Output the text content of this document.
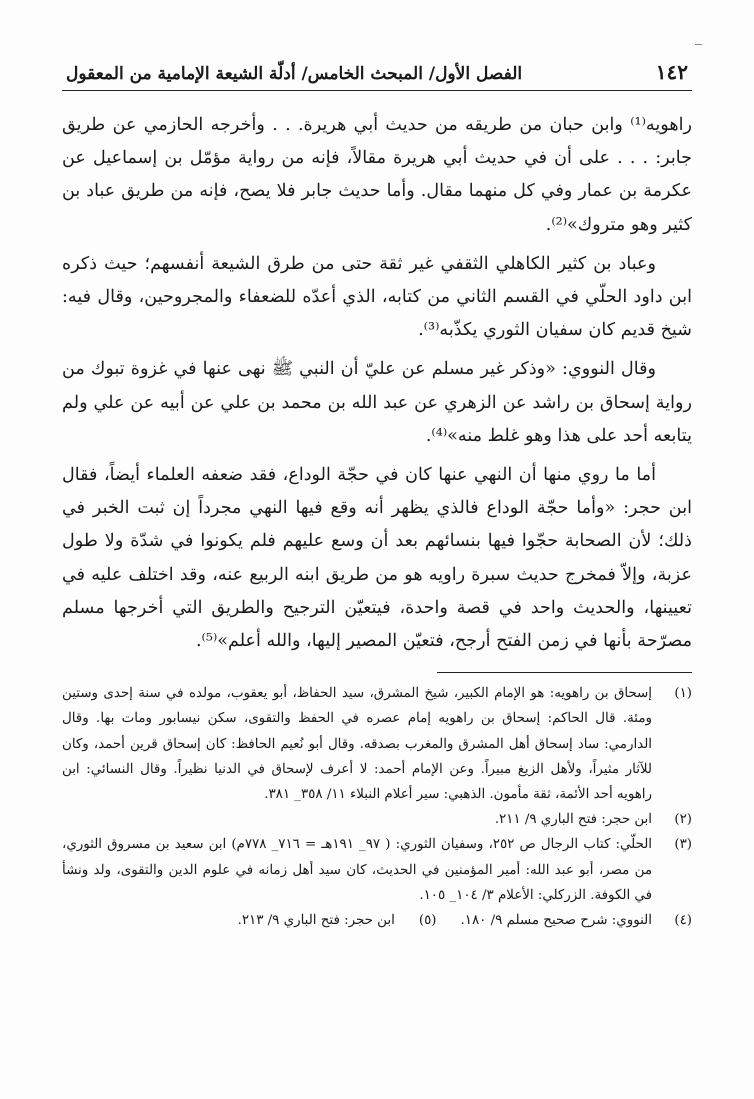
١٤٢
الفصل الأول/ المبحث الخامس/ أدلّة الشيعة الإمامية من المعقول

راهويه⁽¹⁾ وابن حبان من طريقه من حديث أبي هريرة. . . وأخرجه الحازمي عن طريق جابر: . . . على أن في حديث أبي هريرة مقالاً، فإنه من رواية مؤمّل بن إسماعيل عن عكرمة بن عمار وفي كل منهما مقال. وأما حديث جابر فلا يصح، فإنه من طريق عباد بن كثير وهو متروك»⁽²⁾.

وعباد بن كثير الكاهلي الثقفي غير ثقة حتى من طرق الشيعة أنفسهم؛ حيث ذكره ابن داود الحلّي في القسم الثاني من كتابه، الذي أعدّه للضعفاء والمجروحين، وقال فيه: شيخ قديم كان سفيان الثوري يكذّبه⁽³⁾.

وقال النووي: «وذكر غير مسلم عن عليّ أن النبي ﷺ نهى عنها في غزوة تبوك من رواية إسحاق بن راشد عن الزهري عن عبد الله بن محمد بن علي عن أبيه عن علي ولم يتابعه أحد على هذا وهو غلط منه»⁽⁴⁾.

أما ما روي منها أن النهي عنها كان في حجّة الوداع، فقد ضعفه العلماء أيضاً، فقال ابن حجر: «وأما حجّة الوداع فالذي يظهر أنه وقع فيها النهي مجرداً إن ثبت الخبر في ذلك؛ لأن الصحابة حجّوا فيها بنسائهم بعد أن وسع عليهم فلم يكونوا في شدّة ولا طول عزبة، وإلاّ فمخرج حديث سبرة راويه هو من طريق ابنه الربيع عنه، وقد اختلف عليه في تعيينها، والحديث واحد في قصة واحدة، فيتعيّن الترجيح والطريق التي أخرجها مسلم مصرّحة بأنها في زمن الفتح أرجح، فتعيّن المصير إليها، والله أعلم»⁽⁵⁾.

(١)
إسحاق بن راهويه: هو الإمام الكبير، شيخ المشرق، سيد الحفاظ، أبو يعقوب، مولده في سنة إحدى وستين ومئة. قال الحاكم: إسحاق بن راهويه إمام عصره في الحفظ والتقوى، سكن نيسابور ومات بها. وقال الدارمي: ساد إسحاق أهل المشرق والمغرب بصدقه. وقال أبو نُعيم الحافظ: كان إسحاق قرين أحمد، وكان للآثار مثيراً، ولأهل الزيغ مبيراً. وعن الإمام أحمد: لا أعرف لإسحاق في الدنيا نظيراً. وقال النسائي: ابن راهويه أحد الأئمة، ثقة مأمون. الذهبي: سير أعلام النبلاء ١١/ ٣٥٨_ ٣٨١.
(٢)
ابن حجر: فتح الباري ٩/ ٢١١.
(٣)
الحلّي: كتاب الرجال ص ٢٥٢، وسفيان الثوري: ( ٩٧_ ١٩١هـ = ٧١٦_ ٧٧٨م) ابن سعيد بن مسروق الثوري، من مصر، أبو عبد الله: أمير المؤمنين في الحديث، كان سيد أهل زمانه في علوم الدين والتقوى، ولد ونشأ في الكوفة. الزركلي: الأعلام ٣/ ١٠٤_ ١٠٥.
(٤)
النووي: شرح صحيح مسلم ٩/ ١٨٠.
(٥)
ابن حجر: فتح الباري ٩/ ٢١٣.
